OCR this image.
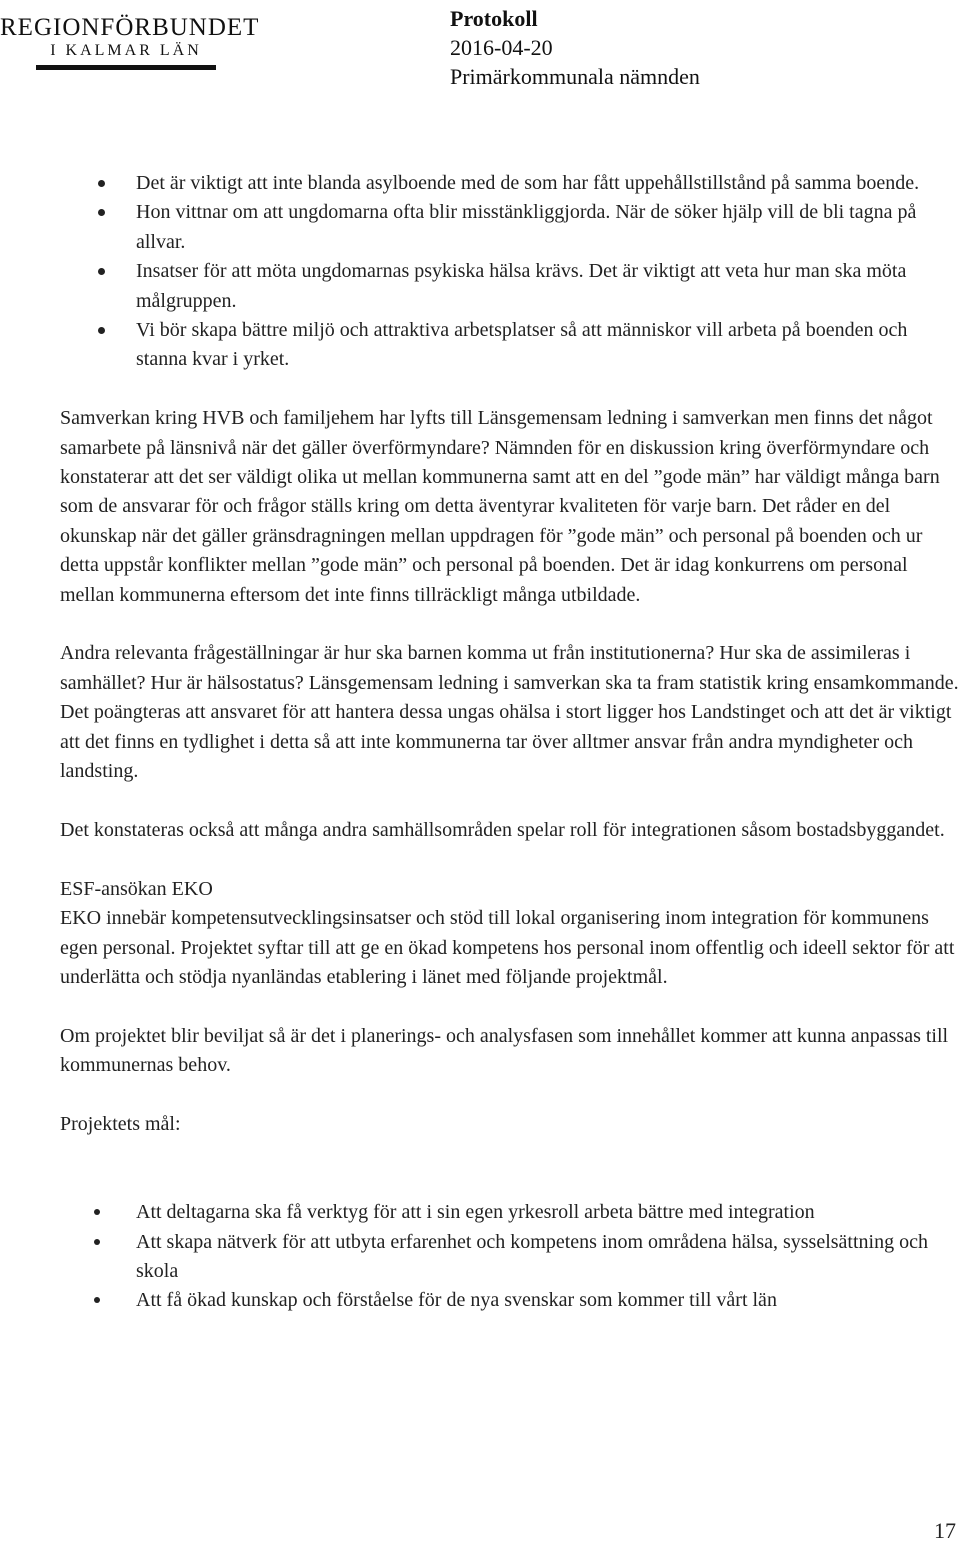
REGIONFÖRBUNDET
I KALMAR LÄN
Protokoll
2016-04-20
Primärkommunala nämnden
Det är viktigt att inte blanda asylboende med de som har fått uppehållstillstånd på samma boende.
Hon vittnar om att ungdomarna ofta blir misstänkliggjorda. När de söker hjälp vill de bli tagna på allvar.
Insatser för att möta ungdomarnas psykiska hälsa krävs. Det är viktigt att veta hur man ska möta målgruppen.
Vi bör skapa bättre miljö och attraktiva arbetsplatser så att människor vill arbeta på boenden och stanna kvar i yrket.

Samverkan kring HVB och familjehem har lyfts till Länsgemensam ledning i samverkan men finns det något samarbete på länsnivå när det gäller överförmyndare? Nämnden för en diskussion kring överförmyndare och konstaterar att det ser väldigt olika ut mellan kommunerna samt att en del ”gode män” har väldigt många barn som de ansvarar för och frågor ställs kring om detta äventyrar kvaliteten för varje barn. Det råder en del okunskap när det gäller gränsdragningen mellan uppdragen för ”gode män” och personal på boenden och ur detta uppstår konflikter mellan ”gode män” och personal på boenden. Det är idag konkurrens om personal mellan kommunerna eftersom det inte finns tillräckligt många utbildade.

Andra relevanta frågeställningar är hur ska barnen komma ut från institutionerna? Hur ska de assimileras i samhället? Hur är hälsostatus? Länsgemensam ledning i samverkan ska ta fram statistik kring ensamkommande. Det poängteras att ansvaret för att hantera dessa ungas ohälsa i stort ligger hos Landstinget och att det är viktigt att det finns en tydlighet i detta så att inte kommunerna tar över alltmer ansvar från andra myndigheter och landsting.

Det konstateras också att många andra samhällsområden spelar roll för integrationen såsom bostadsbyggandet.

ESF-ansökan EKO

EKO innebär kompetensutvecklingsinsatser och stöd till lokal organisering inom integration för kommunens egen personal. Projektet syftar till att ge en ökad kompetens hos personal inom offentlig och ideell sektor för att underlätta och stödja nyanländas etablering i länet med följande projektmål.

Om projektet blir beviljat så är det i planerings- och analysfasen som innehållet kommer att kunna anpassas till kommunernas behov.

Projektets mål:

Att deltagarna ska få verktyg för att i sin egen yrkesroll arbeta bättre med integration
Att skapa nätverk för att utbyta erfarenhet och kompetens inom områdena hälsa, sysselsättning och skola
Att få ökad kunskap och förståelse för de nya svenskar som kommer till vårt län
17
